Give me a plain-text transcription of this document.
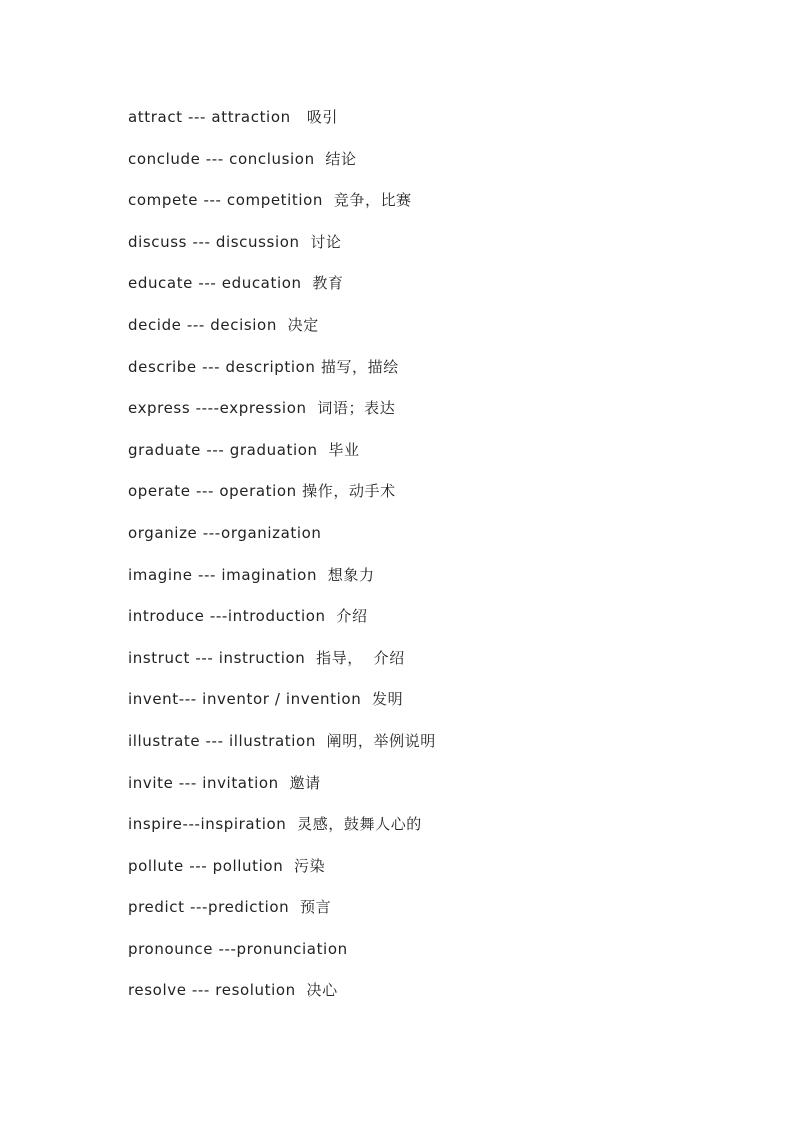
attract --- attraction   吸引
conclude --- conclusion  结论
compete --- competition  竞争，比赛
discuss --- discussion  讨论
educate --- education  教育
decide --- decision  决定
describe --- description 描写，描绘
express ----expression  词语；表达
graduate --- graduation  毕业
operate --- operation 操作，动手术
organize ---organization
imagine --- imagination  想象力
introduce ---introduction  介绍
instruct --- instruction  指导，  介绍
invent--- inventor / invention  发明
illustrate --- illustration  阐明，举例说明
invite --- invitation  邀请
inspire---inspiration  灵感，鼓舞人心的
pollute --- pollution  污染
predict ---prediction  预言
pronounce ---pronunciation
resolve --- resolution  决心
